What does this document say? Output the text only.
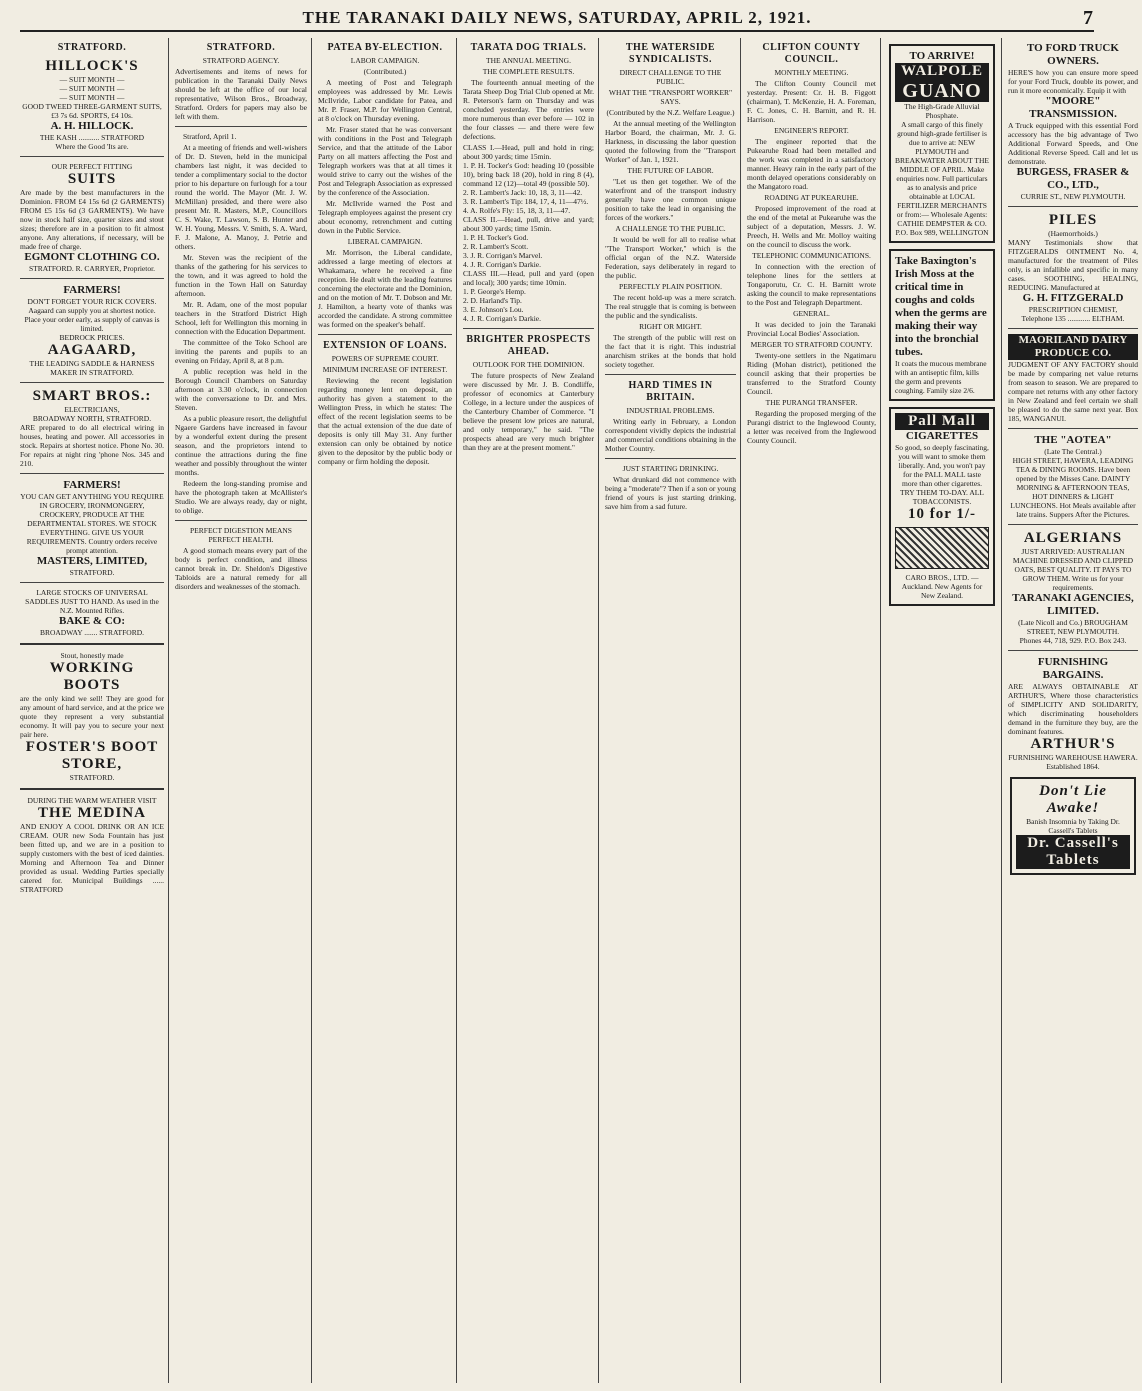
THE TARANAKI DAILY NEWS, SATURDAY, APRIL 2, 1921.	7
STRATFORD.
HILLOCK'S
— SUIT MONTH —
— SUIT MONTH —
— SUIT MONTH —
GOOD TWEED THREE-GARMENT SUITS, £3 7s 6d. SPORTS, £4 10s.
A. H. HILLOCK.
THE KASH ........... STRATFORD
Where the Good 'Its are.
OUR PERFECT FITTING
SUITS
Are made by the best manufacturers in the Dominion. FROM £4 15s 6d (2 GARMENTS) FROM £5 15s 6d (3 GARMENTS). We have now in stock half size, quarter sizes and stout sizes; therefore are in a position to fit almost anyone. Any alterations, if necessary, will be made free of charge.
EGMONT CLOTHING CO.
STRATFORD. R. CARRYER, Proprietor.
FARMERS!
DON'T FORGET YOUR RICK COVERS. Aagaard can supply you at shortest notice. Place your order early, as supply of canvas is limited.
BEDROCK PRICES.
AAGAARD,
THE LEADING SADDLE & HARNESS MAKER IN STRATFORD.
SMART BROS.:
ELECTRICIANS,
BROADWAY NORTH, STRATFORD.
ARE prepared to do all electrical wiring in houses, heating and power. All accessories in stock. Repairs at shortest notice. Phone No. 30. For repairs at night ring 'phone Nos. 345 and 210.
FARMERS!
YOU CAN GET ANYTHING YOU REQUIRE IN GROCERY, IRONMONGERY, CROCKERY, PRODUCE AT THE DEPARTMENTAL STORES. WE STOCK EVERYTHING. GIVE US YOUR REQUIREMENTS. Country orders receive prompt attention.
MASTERS, LIMITED,
STRATFORD.
LARGE STOCKS OF UNIVERSAL SADDLES JUST TO HAND. As used in the N.Z. Mounted Rifles.
BAKE & CO:
BROADWAY ....... STRATFORD.
Stout, honestly made
WORKING BOOTS
are the only kind we sell! They are good for any amount of hard service, and at the price we quote they represent a very substantial economy. It will pay you to secure your next pair here.
FOSTER'S BOOT STORE,
STRATFORD.
DURING THE WARM WEATHER VISIT
THE MEDINA
AND ENJOY A COOL DRINK OR AN ICE CREAM. OUR new Soda Fountain has just been fitted up, and we are in a position to supply customers with the best of iced dainties. Morning and Afternoon Tea and Dinner provided as usual. Wedding Parties specially catered for. Municipal Buildings ...... STRATFORD
STRATFORD.
STRATFORD AGENCY.
Advertisements and items of news for publication in the Taranaki Daily News should be left at the office of our local representative, Wilson Bros., Broadway, Stratford. Orders for papers may also be left with them.

Stratford, April 1.

At a meeting of friends and well-wishers of Dr. D. Steven, held in the municipal chambers last night, it was decided to tender a complimentary social to the doctor prior to his departure on furlough for a tour round the world. The Mayor (Mr. J. W. McMillan) presided, and there were also present Mr. R. Masters, M.P., Councillors C. S. Wake, T. Lawson, S. B. Hunter and W. H. Young, Messrs. V. Smith, S. A. Ward, F. J. Malone, A. Manoy, J. Petrie and others.

Mr. Steven was the recipient of the thanks of the gathering for his services to the town, and it was agreed to hold the function in the Town Hall on Saturday afternoon.

Mr. R. Adam, one of the most popular teachers in the Stratford District High School, left for Wellington this morning in connection with the Education Department.

The committee of the Toko School are inviting the parents and pupils to an evening on Friday, April 8, at 8 p.m.

A public reception was held in the Borough Council Chambers on Saturday afternoon at 3.30 o'clock, in connection with the conversazione to Dr. and Mrs. Steven.

As a public pleasure resort, the delightful Ngaere Gardens have increased in favour by a wonderful extent during the present season, and the proprietors intend to continue the attractions during the fine weather and possibly throughout the winter months.

Redeem the long-standing promise and have the photograph taken at McAllister's Studio. We are always ready, day or night, to oblige.

PERFECT DIGESTION MEANS PERFECT HEALTH.

A good stomach means every part of the body is perfect condition, and illness cannot break in. Dr. Sheldon's Digestive Tabloids are a natural remedy for all disorders and weaknesses of the stomach.

PATEA BY-ELECTION.
LABOR CAMPAIGN.
(Contributed.)

A meeting of Post and Telegraph employees was addressed by Mr. Lewis McIlvride, Labor candidate for Patea, and Mr. P. Fraser, M.P. for Wellington Central, at 8 o'clock on Thursday evening.

Mr. Fraser stated that he was conversant with conditions in the Post and Telegraph Service, and that the attitude of the Labor Party on all matters affecting the Post and Telegraph workers was that at all times it would strive to carry out the wishes of the Post and Telegraph Association as expressed by the conference of the Association.

Mr. McIlvride warned the Post and Telegraph employees against the present cry about economy, retrenchment and cutting down in the Public Service.

LIBERAL CAMPAIGN.

Mr. Morrison, the Liberal candidate, addressed a large meeting of electors at Whakamara, where he received a fine reception. He dealt with the leading features concerning the electorate and the Dominion, and on the motion of Mr. T. Dobson and Mr. J. Hamilton, a hearty vote of thanks was accorded the candidate. A strong committee was formed on the speaker's behalf.

EXTENSION OF LOANS.
POWERS OF SUPREME COURT.
MINIMUM INCREASE OF INTEREST.

Reviewing the recent legislation regarding money lent on deposit, an authority has given a statement to the Wellington Press, in which he states: The effect of the recent legislation seems to be that the actual extension of the due date of deposits is only till May 31. Any further extension can only be obtained by notice given to the depositor by the public body or company or firm holding the deposit.

TARATA DOG TRIALS.
THE ANNUAL MEETING.
THE COMPLETE RESULTS.

The fourteenth annual meeting of the Tarata Sheep Dog Trial Club opened at Mr. R. Peterson's farm on Thursday and was concluded yesterday. The entries were more numerous than ever before — 102 in the four classes — and there were few defections.

CLASS I.—Head, pull and hold in ring; about 300 yards; time 15min.
1. P. H. Tocker's God: heading 10 (possible 10), bring back 18 (20), hold in ring 8 (4), command 12 (12)—total 49 (possible 50).
2. R. Lambert's Jack: 10, 18, 3, 11—42.
3. R. Lambert's Tip: 184, 17, 4, 11—47½.
4. A. Rolfe's Fly: 15, 18, 3, 11—47.
CLASS II.—Head, pull, drive and yard; about 300 yards; time 15min.
1. P. H. Tocker's God.
2. R. Lambert's Scott.
3. J. R. Corrigan's Marvel.
4. J. R. Corrigan's Darkie.
CLASS III.—Head, pull and yard (open and local); 300 yards; time 10min.
1. P. George's Hemp.
2. D. Harland's Tip.
3. E. Johnson's Lou.
4. J. R. Corrigan's Darkie.
BRIGHTER PROSPECTS AHEAD.
OUTLOOK FOR THE DOMINION.

The future prospects of New Zealand were discussed by Mr. J. B. Condliffe, professor of economics at Canterbury College, in a lecture under the auspices of the Canterbury Chamber of Commerce. "I believe the present low prices are natural, and only temporary," he said. "The prospects ahead are very much brighter than they are at the present moment."

THE WATERSIDE SYNDICALISTS.
DIRECT CHALLENGE TO THE PUBLIC.
WHAT THE "TRANSPORT WORKER" SAYS.
(Contributed by the N.Z. Welfare League.)

At the annual meeting of the Wellington Harbor Board, the chairman, Mr. J. G. Harkness, in discussing the labor question quoted the following from the "Transport Worker" of Jan. 1, 1921.

THE FUTURE OF LABOR.

"Let us then get together. We of the waterfront and of the transport industry generally have one common unique position to take the lead in organising the forces of the workers."

A CHALLENGE TO THE PUBLIC.

It would be well for all to realise what "The Transport Worker," which is the official organ of the N.Z. Waterside Federation, says deliberately in regard to the public.

PERFECTLY PLAIN POSITION.

The recent hold-up was a mere scratch. The real struggle that is coming is between the public and the syndicalists.

RIGHT OR MIGHT.

The strength of the public will rest on the fact that it is right. This industrial anarchism strikes at the bonds that hold society together.

HARD TIMES IN BRITAIN.
INDUSTRIAL PROBLEMS.

Writing early in February, a London correspondent vividly depicts the industrial and commercial conditions obtaining in the Mother Country.

JUST STARTING DRINKING.

What drunkard did not commence with being a "moderate"? Then if a son or young friend of yours is just starting drinking, save him from a sad future.

CLIFTON COUNTY COUNCIL.
MONTHLY MEETING.

The Clifton County Council met yesterday. Present: Cr. H. B. Figgott (chairman), T. McKenzie, H. A. Foreman, F. C. Jones, C. H. Barnitt, and R. H. Harrison.

ENGINEER'S REPORT.

The engineer reported that the Pukearuhe Road had been metalled and the work was completed in a satisfactory manner. Heavy rain in the early part of the month delayed operations considerably on the Mangatoro road.

ROADING AT PUKEARUHE.

Proposed improvement of the road at the end of the metal at Pukearuhe was the subject of a deputation, Messrs. J. W. Preech, H. Wells and Mr. Molloy waiting on the council to discuss the work.

TELEPHONIC COMMUNICATIONS.

In connection with the erection of telephone lines for the settlers at Tongaporutu, Cr. C. H. Barnitt wrote asking the council to make representations to the Post and Telegraph Department.

GENERAL.

It was decided to join the Taranaki Provincial Local Bodies' Association.

MERGER TO STRATFORD COUNTY.

Twenty-one settlers in the Ngatimaru Riding (Mohan district), petitioned the council asking that their properties be transferred to the Stratford County Council.

THE PURANGI TRANSFER.

Regarding the proposed merging of the Purangi district to the Inglewood County, a letter was received from the Inglewood County Council.

TO ARRIVE!
WALPOLE
GUANO
The High-Grade Alluvial Phosphate.
A small cargo of this finely ground high-grade fertiliser is due to arrive at: NEW PLYMOUTH and BREAKWATER ABOUT THE MIDDLE OF APRIL. Make enquiries now. Full particulars as to analysis and price obtainable at LOCAL FERTILIZER MERCHANTS or from:— Wholesale Agents: CATHIE DEMPSTER & CO. P.O. Box 989, WELLINGTON
Take Baxington's Irish Moss at the critical time in coughs and colds when the germs are making their way into the bronchial tubes.
It coats the mucous membrane with an antiseptic film, kills the germ and prevents coughing. Family size 2/6.
Pall Mall
CIGARETTES
So good, so deeply fascinating, you will want to smoke them liberally. And, you won't pay for the PALL MALL taste more than other cigarettes. TRY THEM TO-DAY. ALL TOBACCONISTS.
10 for 1/-
CARO BROS., LTD. — Auckland. New Agents for New Zealand.
TO FORD TRUCK OWNERS.
HERE'S how you can ensure more speed for your Ford Truck, double its power, and run it more economically. Equip it with
"MOORE" TRANSMISSION.
A Truck equipped with this essential Ford accessory has the big advantage of Two Additional Forward Speeds, and One Additional Reverse Speed. Call and let us demonstrate.
BURGESS, FRASER & CO., LTD.,
CURRIE ST., NEW PLYMOUTH.
PILES
(Haemorrhoids.)
MANY Testimonials show that FITZGERALDS OINTMENT No. 4, manufactured for the treatment of Piles only, is an infallible and specific in many cases. SOOTHING, HEALING, REDUCING. Manufactured at
G. H. FITZGERALD
PRESCRIPTION CHEMIST,
Telephone 135 ............ ELTHAM.
MAORILAND DAIRY PRODUCE CO.
JUDGMENT OF ANY FACTORY should be made by comparing net value returns from season to season. We are prepared to compare net returns with any other factory in New Zealand and feel certain we shall be pleased to do the same next year. Box 185, WANGANUI.
THE "AOTEA"
(Late The Central.)
HIGH STREET, HAWERA, LEADING TEA & DINING ROOMS. Have been opened by the Misses Cane. DAINTY MORNING & AFTERNOON TEAS, HOT DINNERS & LIGHT LUNCHEONS. Hot Meals available after late trains. Suppers After the Pictures.
ALGERIANS
JUST ARRIVED: AUSTRALIAN MACHINE DRESSED AND CLIPPED OATS, BEST QUALITY. IT PAYS TO GROW THEM. Write us for your requirements.
TARANAKI AGENCIES, LIMITED.
(Late Nicoll and Co.) BROUGHAM STREET, NEW PLYMOUTH.
Phones 44, 718, 929. P.O. Box 243.
FURNISHING BARGAINS.
ARE ALWAYS OBTAINABLE AT ARTHUR'S, Where those characteristics of SIMPLICITY AND SOLIDARITY, which discriminating householders demand in the furniture they buy, are the dominant features.
ARTHUR'S
FURNISHING WAREHOUSE HAWERA. Established 1864.
Don't Lie Awake!
Banish Insomnia by Taking Dr. Cassell's Tablets
Dr. Cassell's Tablets
